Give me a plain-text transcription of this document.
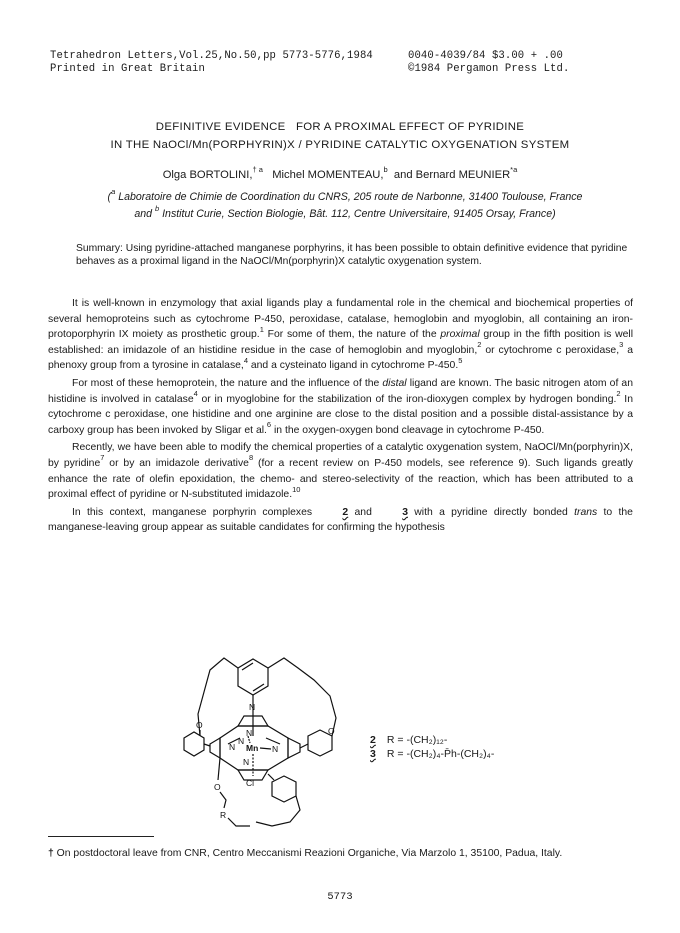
Tetrahedron Letters,Vol.25,No.50,pp 5773-5776,1984
Printed in Great Britain
0040-4039/84 $3.00 + .00
©1984 Pergamon Press Ltd.
DEFINITIVE EVIDENCE   FOR A PROXIMAL EFFECT OF PYRIDINE
IN THE NaOCl/Mn(PORPHYRIN)X / PYRIDINE CATALYTIC OXYGENATION SYSTEM
Olga BORTOLINI,$^{\dagger a}$ Michel MOMENTEAU,$^b$ and Bernard MEUNIER$^{*a}$
($^a$ Laboratoire de Chimie de Coordination du CNRS, 205 route de Narbonne, 31400 Toulouse, France
and $^b$ Institut Curie, Section Biologie, Bât. 112, Centre Universitaire, 91405 Orsay, France)
Summary: Using pyridine-attached manganese porphyrins, it has been possible to obtain definitive evidence that pyridine behaves as a proximal ligand in the NaOCl/Mn(porphyrin)X catalytic oxygenation system.

It is well-known in enzymology that axial ligands play a fundamental role in the chemical and biochemical properties of several hemoproteins such as cytochrome P-450, peroxidase, catalase, hemoglobin and myoglobin, all containing an iron-protoporphyrin IX moiety as prosthetic group.$^1$ For some of them, the nature of the proximal group in the fifth position is well established: an imidazole of an histidine residue in the case of hemoglobin and myoglobin,$^2$ or cytochrome c peroxidase,$^3$ a phenoxy group from a tyrosine in catalase,$^4$ and a cysteinato ligand in cytochrome P-450.$^5$

For most of these hemoprotein, the nature and the influence of the distal ligand are known. The basic nitrogen atom of an histidine is involved in catalase$^4$ or in myoglobine for the stabilization of the iron-dioxygen complex by hydrogen bonding.$^2$ In cytochrome c peroxidase, one histidine and one arginine are close to the distal position and a possible distal-assistance by a carboxy group has been invoked by Sligar et al.$^6$ in the oxygen-oxygen bond cleavage in cytochrome P-450.

Recently, we have been able to modify the chemical properties of a catalytic oxygenation system, NaOCl/Mn(porphyrin)X, by pyridine$^7$ or by an imidazole derivative$^8$ (for a recent review on P-450 models, see reference 9). Such ligands greatly enhance the rate of olefin epoxidation, the chemo- and stereo-selectivity of the reaction, which has been attributed to a proximal effect of pyridine or N-substituted imidazole.$^{10}$

In this context, manganese porphyrin complexes 2 and 3 with a pyridine directly bonded trans to the manganese-leaving group appear as suitable candidates for confirming the hypothesis

N
N
N	N
N
Mn
N
Cl
O
O
O
R
2 R = -(CH₂)₁₂-
3 R = -(CH₂)₄-P̄h-(CH₂)₄-
† On postdoctoral leave from CNR, Centro Meccanismi Reazioni Organiche, Via Marzolo 1, 35100, Padua, Italy.
5773
